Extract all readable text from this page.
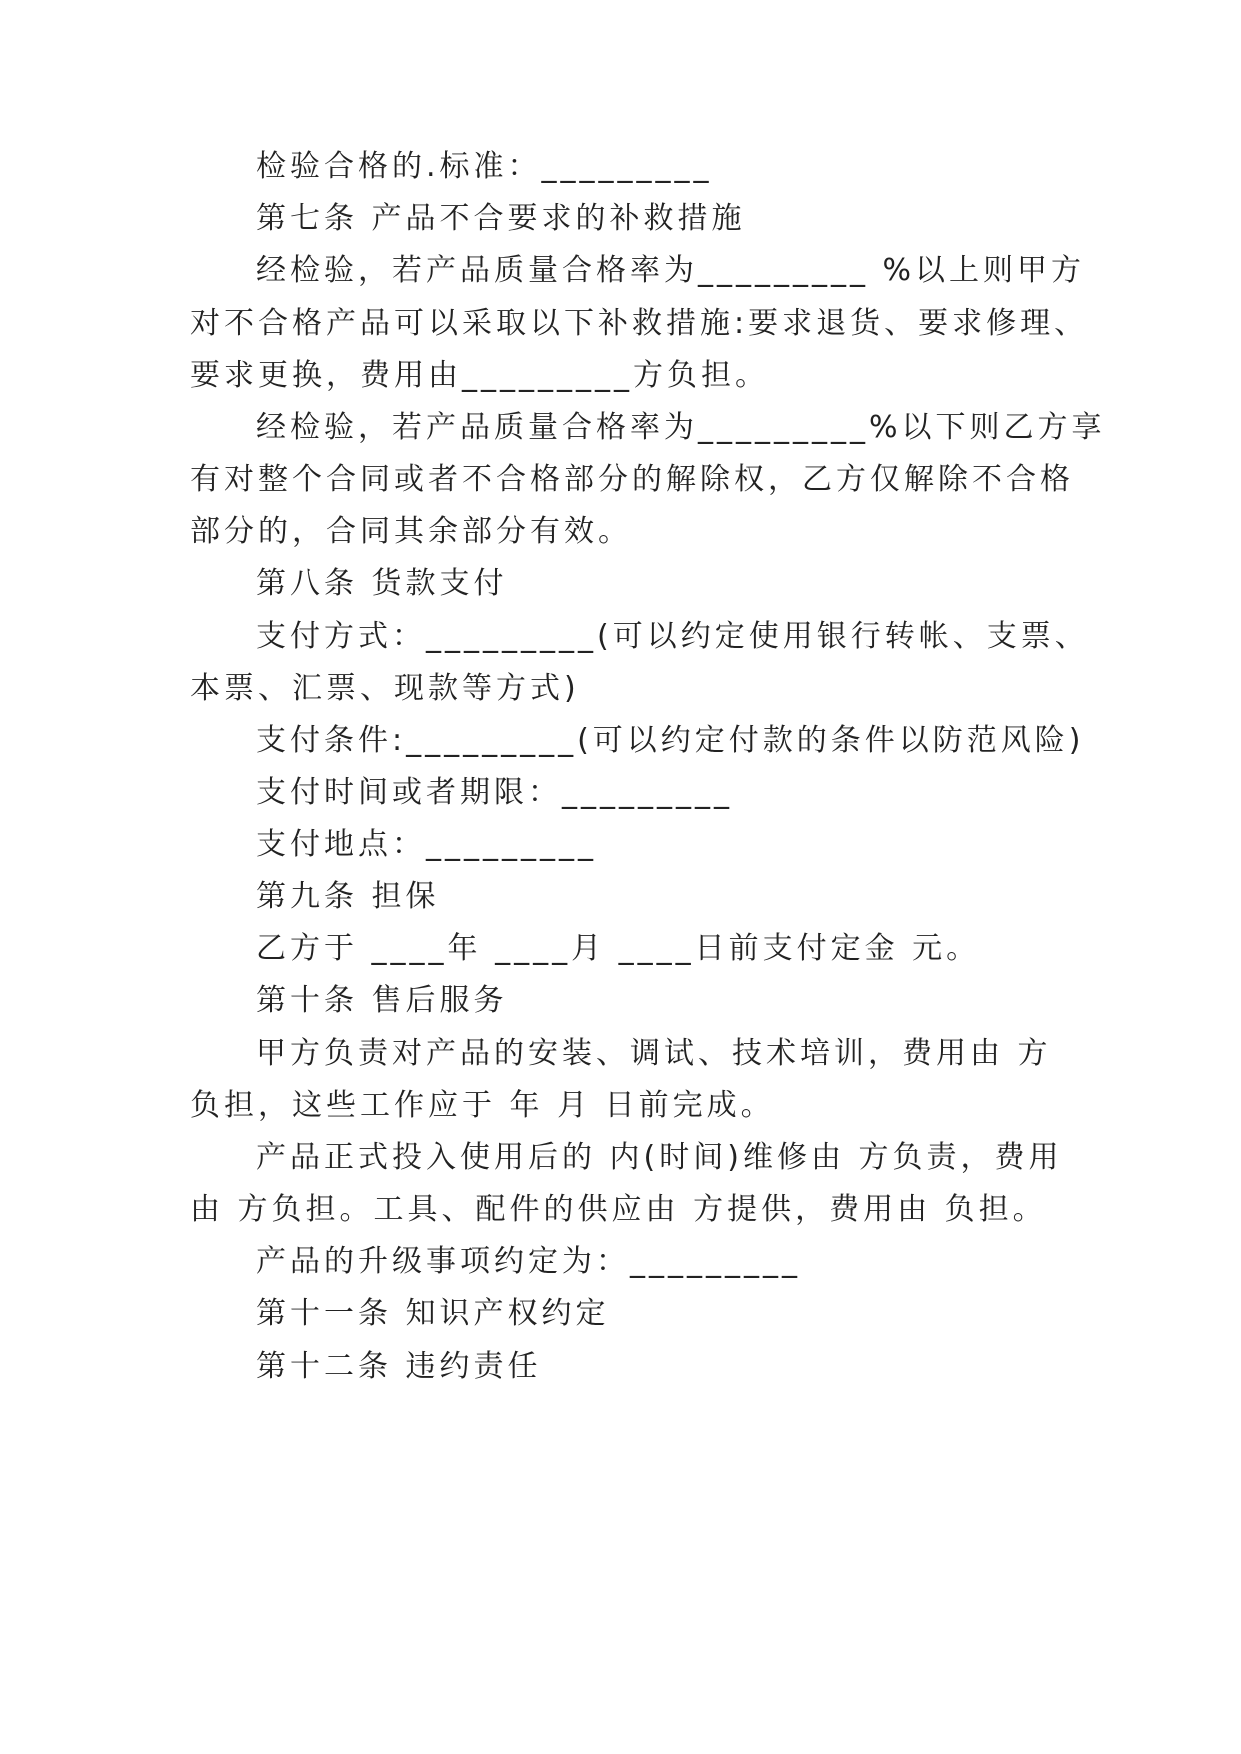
检验合格的.标准：_________
第七条 产品不合要求的补救措施
经检验，若产品质量合格率为_________ %以上则甲方
对不合格产品可以采取以下补救措施:要求退货、要求修理、
要求更换，费用由_________方负担。
经检验，若产品质量合格率为_________%以下则乙方享
有对整个合同或者不合格部分的解除权，乙方仅解除不合格
部分的，合同其余部分有效。
第八条 货款支付
支付方式：_________(可以约定使用银行转帐、支票、
本票、汇票、现款等方式)
支付条件:_________(可以约定付款的条件以防范风险)
支付时间或者期限：_________
支付地点：_________
第九条 担保
乙方于 ____年 ____月 ____日前支付定金 元。
第十条 售后服务
甲方负责对产品的安装、调试、技术培训，费用由 方
负担，这些工作应于 年 月 日前完成。
产品正式投入使用后的 内(时间)维修由 方负责，费用
由 方负担。工具、配件的供应由 方提供，费用由 负担。
产品的升级事项约定为：_________
第十一条 知识产权约定
第十二条 违约责任
